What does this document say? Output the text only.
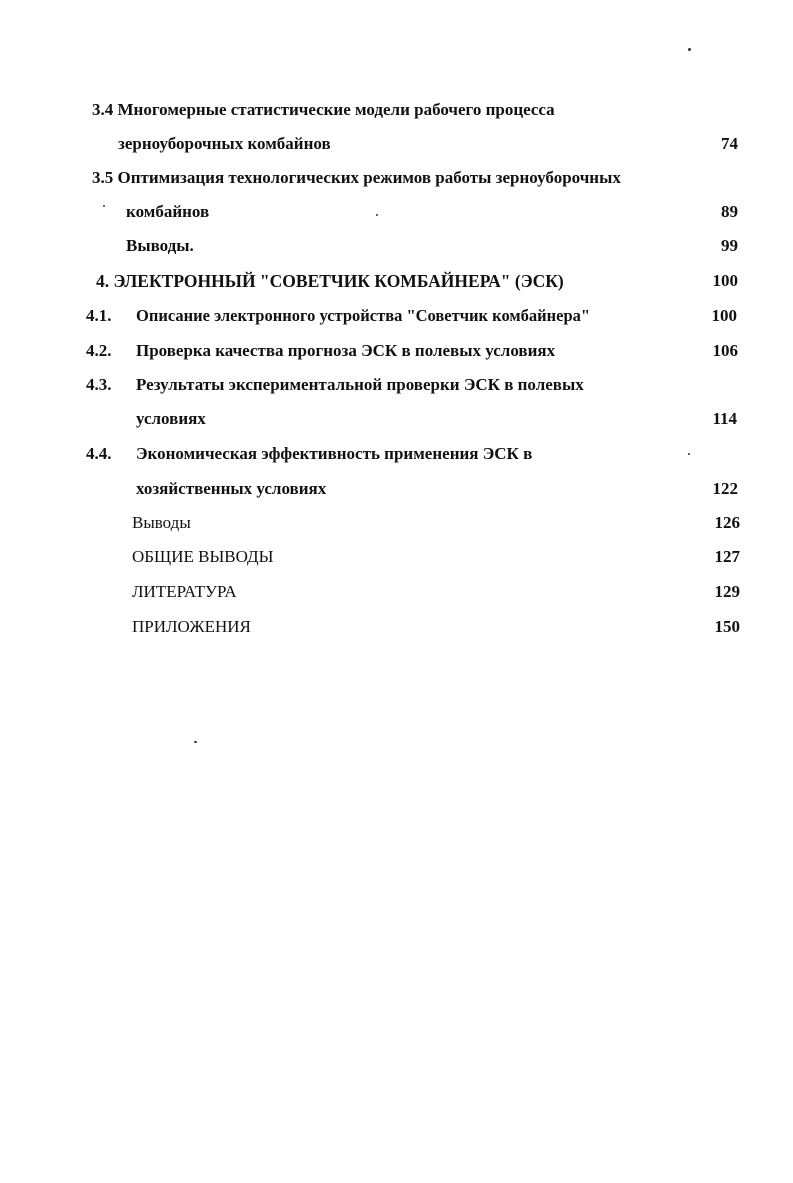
3.4 Многомерные статистические модели рабочего процесса
зерноуборочных комбайнов	74
3.5 Оптимизация технологических режимов работы зерноуборочных
комбайнов	89
Выводы.	99
4. ЭЛЕКТРОННЫЙ "СОВЕТЧИК КОМБАЙНЕРА" (ЭСК)	100
4.1. Описание электронного устройства "Советчик комбайнера"	100
4.2. Проверка качества прогноза ЭСК в полевых условиях	106
4.3. Результаты экспериментальной проверки ЭСК в полевых
условиях	114
4.4. Экономическая эффективность применения ЭСК в
хозяйственных условиях	122
Выводы	126
ОБЩИЕ ВЫВОДЫ	127
ЛИТЕРАТУРА	129
ПРИЛОЖЕНИЯ	150
